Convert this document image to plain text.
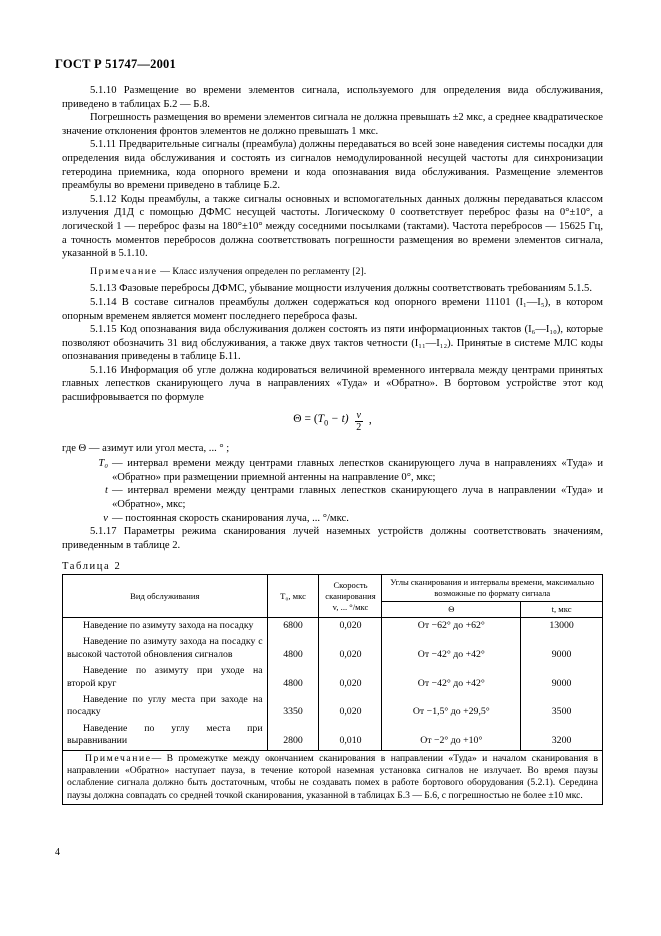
ГОСТ Р 51747—2001

5.1.10 Размещение во времени элементов сигнала, используемого для определения вида обслуживания, приведено в таблицах Б.2 — Б.8.

Погрешность размещения во времени элементов сигнала не должна превышать ±2 мкс, а среднее квадратическое значение отклонения фронтов элементов не должно превышать 1 мкс.

5.1.11 Предварительные сигналы (преамбула) должны передаваться во всей зоне наведения системы посадки для определения вида обслуживания и состоять из сигналов немодулированной несущей частоты для синхронизации гетеродина приемника, кода опорного времени и кода опознавания вида обслуживания. Размещение элементов преамбулы во времени приведено в таблице Б.2.

5.1.12 Коды преамбулы, а также сигналы основных и вспомогательных данных должны передаваться классом излучения Д1Д с помощью ДФМС несущей частоты. Логическому 0 соответствует переброс фазы на 0°±10°, а логической 1 — переброс фазы на 180°±10° между соседними посылками (тактами). Частота перебросов — 15625 Гц, а точность моментов перебросов должна соответствовать погрешности размещения во времени элементов сигнала, указанной в 5.1.10.

Примечание — Класс излучения определен по регламенту [2].

5.1.13 Фазовые перебросы ДФМС, убывание мощности излучения должны соответствовать требованиям 5.1.5.

5.1.14 В составе сигналов преамбулы должен содержаться код опорного времени 11101 (I₁—I₅), в котором опорным временем является момент последнего переброса фазы.

5.1.15 Код опознавания вида обслуживания должен состоять из пяти информационных тактов (I₆—I₁₀), которые позволяют обозначить 31 вид обслуживания, а также двух тактов четности (I₁₁—I₁₂). Принятые в системе МЛС коды опознавания приведены в таблице Б.11.

5.1.16 Информация об угле должна кодироваться величиной временного интервала между центрами принятых главных лепестков сканирующего луча в направлениях «Туда» и «Обратно». В бортовом устройстве этот код расшифровывается по формуле

$\Theta = (T_0 - t) \frac{v}{2}$ ,

где Θ — азимут или угол места, ... ° ;

T₀ — интервал времени между центрами главных лепестков сканирующего луча в направлениях «Туда» и «Обратно» при размещении приемной антенны на направление 0°, мкс;
t — интервал времени между центрами главных лепестков сканирующего луча в направлении «Туда» и «Обратно», мкс;
v — постоянная скорость сканирования луча, ... °/мкс.

5.1.17 Параметры режима сканирования лучей наземных устройств должны соответствовать значениям, приведенным в таблице 2.

Таблица 2
Вид обслуживания	T₀, мкс	Скорость сканирования v, ... °/мкс	Углы сканирования и интервалы времени, максимально возможные по формату сигнала	
			Θ	t, мкс
Наведение по азимуту захода на посадку	6800	0,020	От −62° до +62°	13000
Наведение по азимуту захода на посадку с высокой частотой обновления сигналов	4800	0,020	От −42° до +42°	9000
Наведение по азимуту при уходе на второй круг	4800	0,020	От −42° до +42°	9000
Наведение по углу места при заходе на посадку	3350	0,020	От −1,5° до +29,5°	3500
Наведение по углу места при выравнивании	2800	0,010	От −2° до +10°	3200
Примечание— В промежутке между окончанием сканирования в направлении «Туда» и началом сканирования в направлении «Обратно» наступает пауза, в течение которой наземная установка сигналов не излучает. Во время паузы ослабление сигнала должно быть достаточным, чтобы не создавать помех в работе бортового оборудования (5.2.1). Середина паузы должна совпадать со средней точкой сканирования, указанной в таблицах Б.3 — Б.6, с погрешностью не более ±10 мкс.				
4
